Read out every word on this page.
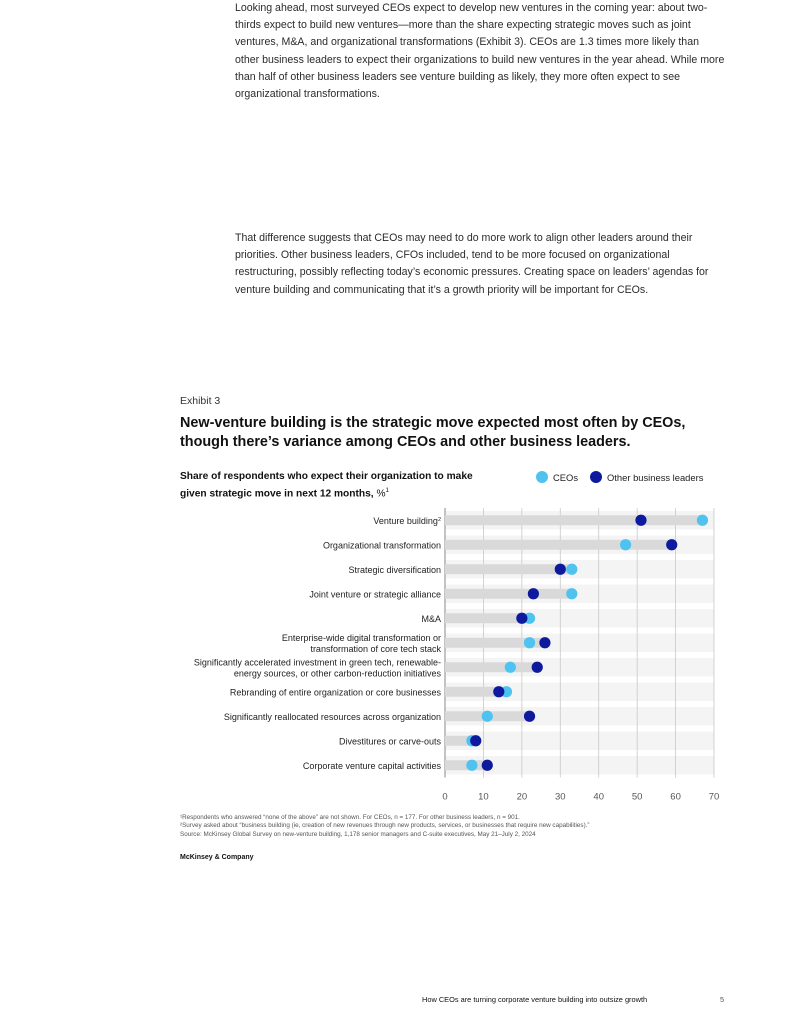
Looking ahead, most surveyed CEOs expect to develop new ventures in the coming year: about two-thirds expect to build new ventures—more than the share expecting strategic moves such as joint ventures, M&A, and organizational transformations (Exhibit 3). CEOs are 1.3 times more likely than other business leaders to expect their organizations to build new ventures in the year ahead. While more than half of other business leaders see venture building as likely, they more often expect to see organizational transformations.

That difference suggests that CEOs may need to do more work to align other leaders around their priorities. Other business leaders, CFOs included, tend to be more focused on organizational restructuring, possibly reflecting today’s economic pressures. Creating space on leaders’ agendas for venture building and communicating that it’s a growth priority will be important for CEOs.

Exhibit 3
New-venture building is the strategic move expected most often by CEOs, though there’s variance among CEOs and other business leaders.
Share of respondents who expect their organization to make given strategic move in next 12 months, %$^1$
CEOs	Other business leaders
0	10	20	30	40	50	60	70
Venture building$^2$
Organizational transformation
Strategic diversification
Joint venture or strategic alliance
M&A
Enterprise-wide digital transformation or
transformation of core tech stack
Significantly accelerated investment in green tech, renewable-
energy sources, or other carbon-reduction initiatives
Rebranding of entire organization or core businesses
Significantly reallocated resources across organization
Divestitures or carve-outs
Corporate venture capital activities

¹Respondents who answered “none of the above” are not shown. For CEOs, n = 177. For other business leaders, n = 901.

²Survey asked about “business building (ie, creation of new revenues through new products, services, or businesses that require new capabilities).”

Source: McKinsey Global Survey on new-venture building, 1,178 senior managers and C-suite executives, May 21–July 2, 2024

McKinsey & Company
How CEOs are turning corporate venture building into outsize growth	5
